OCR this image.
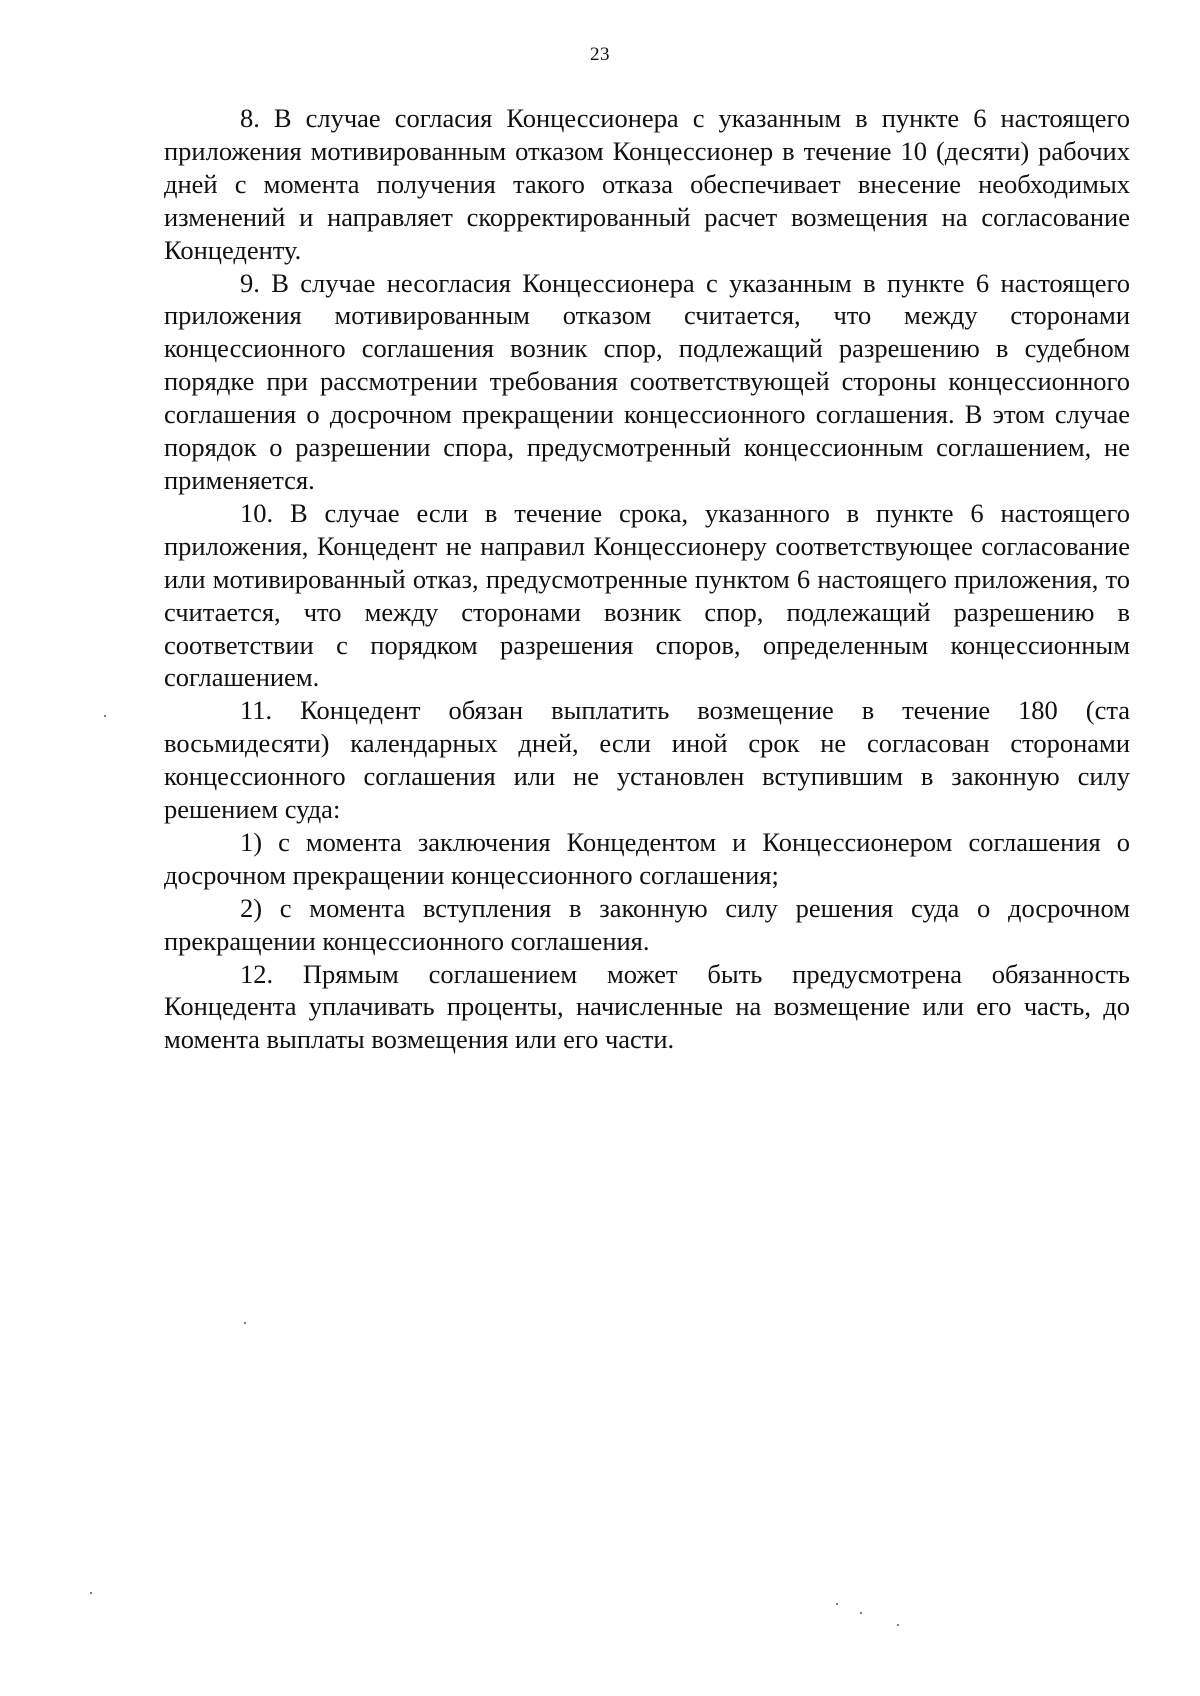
23

8. В случае согласия Концессионера с указанным в пункте 6 настоящего приложения мотивированным отказом Концессионер в течение 10 (десяти) рабочих дней с момента получения такого отказа обеспечивает внесение необходимых изменений и направляет скорректированный расчет возмещения на согласование Концеденту.

9. В случае несогласия Концессионера с указанным в пункте 6 настоящего приложения мотивированным отказом считается, что между сторонами концессионного соглашения возник спор, подлежащий разрешению в судебном порядке при рассмотрении требования соответствующей стороны концессионного соглашения о досрочном прекращении концессионного соглашения. В этом случае порядок о разрешении спора, предусмотренный концессионным соглашением, не применяется.

10. В случае если в течение срока, указанного в пункте 6 настоящего приложения, Концедент не направил Концессионеру соответствующее согласование или мотивированный отказ, предусмотренные пунктом 6 настоящего приложения, то считается, что между сторонами возник спор, подлежащий разрешению в соответствии с порядком разрешения споров, определенным концессионным соглашением.

11. Концедент обязан выплатить возмещение в течение 180 (ста восьмидесяти) календарных дней, если иной срок не согласован сторонами концессионного соглашения или не установлен вступившим в законную силу решением суда:

1) с момента заключения Концедентом и Концессионером соглашения о досрочном прекращении концессионного соглашения;

2) с момента вступления в законную силу решения суда о досрочном прекращении концессионного соглашения.

12. Прямым соглашением может быть предусмотрена обязанность Концедента уплачивать проценты, начисленные на возмещение или его часть, до момента выплаты возмещения или его части.
